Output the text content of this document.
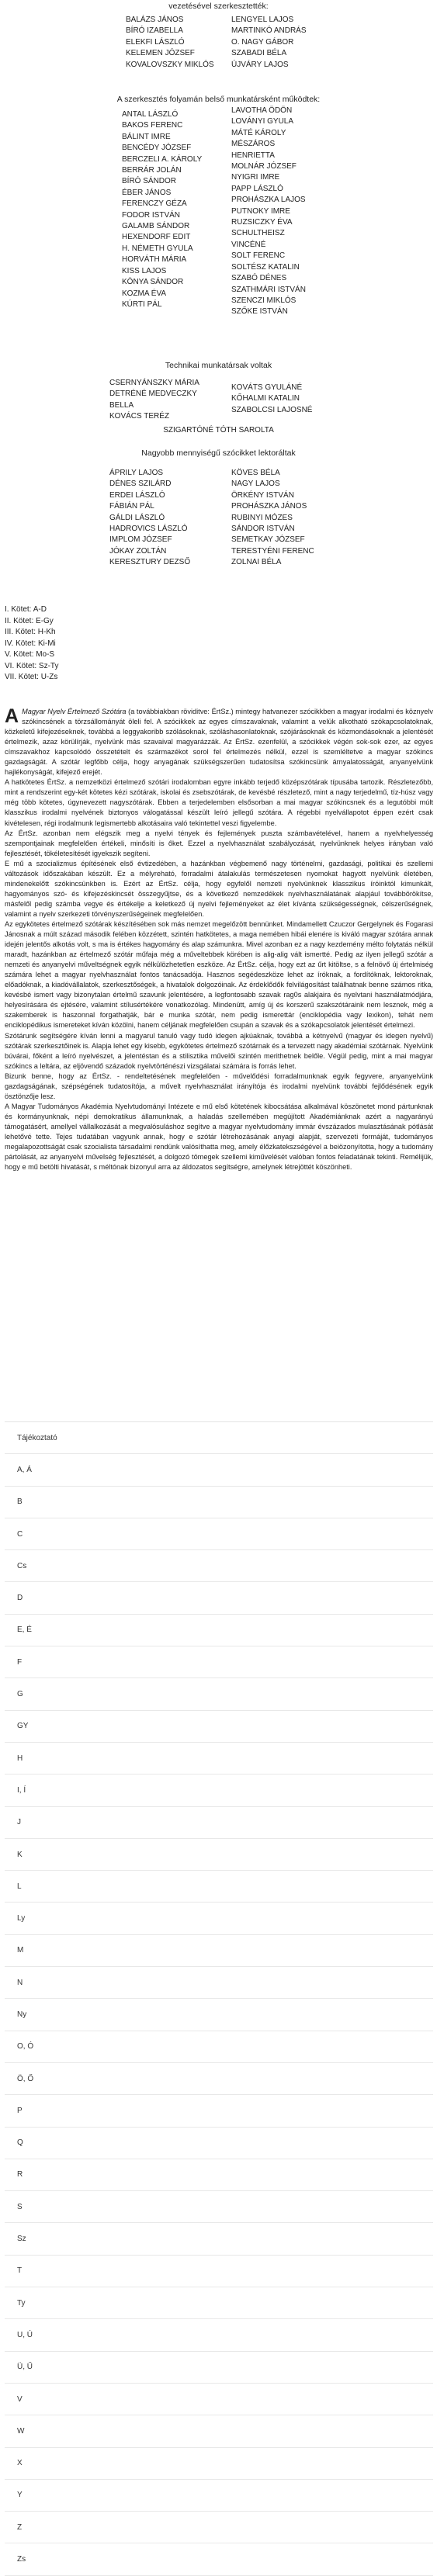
vezetésével szerkesztették:
BALÁZS JÁNOS
BÍRÓ IZABELLA
ELEKFI LÁSZLÓ
KELEMEN JÓZSEF
KOVALOVSZKY MIKLÓS
LENGYEL LAJOS
MARTINKÓ ANDRÁS
O. NAGY GÁBOR
SZABADI BÉLA
ÚJVÁRY LAJOS
A szerkesztés folyamán belső munkatársként működtek:
ANTAL LÁSZLÓ
BAKOS FERENC
BÁLINT IMRE
BENCÉDY JÓZSEF
BERCZELI A. KÁROLY
BERRÁR JOLÁN
BÍRÓ SÁNDOR
ÉBER JÁNOS
FERENCZY GÉZA
FODOR ISTVÁN
GALAMB SÁNDOR
HEXENDORF EDIT
H. NÉMETH GYULA
HORVÁTH MÁRIA
KISS LAJOS
KÖNYA SÁNDOR
KOZMA ÉVA
KÚRTI PÁL
LAVOTHA ÖDÖN
LOVÁNYI GYULA
MÁTÉ KÁROLY
MÉSZÁROS
HENRIETTA
MOLNÁR JÓZSEF
NYIGRI IMRE
PAPP LÁSZLÓ
PROHÁSZKA LAJOS
PUTNOKY IMRE
RUZSICZKY ÉVA
SCHULTHEISZ
VINCÉNÉ
SOLT FERENC
SOLTÉSZ KATALIN
SZABÓ DÉNES
SZATHMÁRI ISTVÁN
SZENCZI MIKLÓS
SZŐKE ISTVÁN
Technikai munkatársak voltak
CSERNYÁNSZKY MÁRIA
DETRÉNÉ MEDVECZKY
BELLA
KOVÁCS TERÉZ
KOVÁTS GYULÁNÉ
KŐHALMI KATALIN
SZABOLCSI LAJOSNÉ
SZIGARTÓNÉ TÓTH SAROLTA
Nagyobb mennyiségű szócikket lektoráltak
ÁPRILY LAJOS
DÉNES SZILÁRD
ERDEI LÁSZLÓ
FÁBIÁN PÁL
GÁLDI LÁSZLÓ
HADROVICS LÁSZLÓ
IMPLOM JÓZSEF
JÓKAY ZOLTÁN
KERESZTURY DEZSŐ
KÖVES BÉLA
NAGY LAJOS
ÖRKÉNY ISTVÁN
PROHÁSZKA JÁNOS
RUBINYI MÓZES
SÁNDOR ISTVÁN
SEMETKAY JÓZSEF
TERESTYÉNI FERENC
ZOLNAI BÉLA
I. Kötet: A-D
II. Kötet: E-Gy
III. Kötet: H-Kh
IV. Kötet: Ki-Mi
V. Kötet: Mo-S
VI. Kötet: Sz-Ty
VII. Kötet: U-Zs

A Magyar Nyelv Értelmező Szótára (a továbbiakban röviditve: ÉrtSz.) mintegy hatvanezer szócikkben a magyar irodalmi és köznyelv szókincsének a törzsállományát öleli fel. A szócikkek az egyes címszavaknak, valamint a velük alkotható szókapcsolatoknak, közkeletű kifejezéseknek, továbbá a leggyakoribb szólásoknak, szóláshasonlatoknak, szójárásoknak és közmondásoknak a jelentését értelmezik, azaz körülírják, nyelvünk más szavaival magyarázzák. Az ÉrtSz. ezenfelül, a szócikkek végén sok-sok ezer, az egyes címszavakhoz kapcsolódó összetételt és származékot sorol fel értelmezés nélkül, ezzel is szemléltetve a magyar szókincs gazdagságát. A szótár legfőbb célja, hogy anyagának szükségszerűen tudatosítsa szókincsünk árnyalatosságát, anyanyelvünk hajlékonyságát, kifejező erejét.

A hatkötetes ÉrtSz. a nemzetközi értelmező szótári irodalomban egyre inkább terjedő középszótárak típusába tartozik. Részletezőbb, mint a rendszerint egy-két kötetes kézi szótárak, iskolai és zsebszótárak, de kevésbé részletező, mint a nagy terjedelmű, tíz-húsz vagy még több kötetes, úgynevezett nagyszótárak. Ebben a terjedelemben elsősorban a mai magyar szókincsnek és a legutóbbi múlt klasszikus irodalmi nyelvének biztonyos válogatással készült leíró jellegű szótára. A régebbi nyelvállapotot éppen ezért csak kivételesen, régi irodalmunk legismertebb alkotásaira való tekintettel veszi figyelembe.

Az ÉrtSz. azonban nem elégszik meg a nyelvi tények és fejlemények puszta számbavételével, hanem a nyelvhelyesség szempontjainak megfelelően értékeli, minősíti is őket. Ezzel a nyelvhasználat szabályozását, nyelvünknek helyes irányban való fejlesztését, tökéletesítését igyekszik segíteni.

E mű a szocializmus építésének első évtizedében, a hazánkban végbemenő nagy történelmi, gazdasági, politikai és szellemi változások időszakában készült. Ez a mélyreható, forradalmi átalakulás természetesen nyomokat hagyott nyelvünk életében, mindenekelőtt szókincsünkben is. Ezért az ÉrtSz. célja, hogy egyfelől nemzeti nyelvünknek klasszikus íróinktól kimunkált, hagyományos szó- és kifejezéskincsét összegyűjtse, és a következő nemzedékek nyelvhasználatának alapjául továbbörökítse, másfelől pedig számba vegye és értékelje a keletkező új nyelvi fejleményeket az élet kívánta szükségességnek, célszerűségnek, valamint a nyelv szerkezeti törvényszerűségeinek megfelelően.

Az egykötetes értelmező szótárak készítésében sok más nemzet megelőzött bennünket. Mindamellett Czuczor Gergelynek és Fogarasi Jánosnak a múlt század második felében közzétett, szintén hatkötetes, a maga nemében hibái elenére is kiváló magyar szótára annak idején jelentős alkotás volt, s ma is értékes hagyomány és alap számunkra. Mivel azonban ez a nagy kezdemény mélto folytatás nélkül maradt, hazánkban az értelmező szótár műfaja még a műveltebbek körében is alig-alig vált ismertté. Pedig az ilyen jellegű szótár a nemzeti és anyanyelvi műveltségnek egyik nélkülözhetetlen eszköze. Az ÉrtSz. célja, hogy ezt az űrt kitöltse, s a felnövő új értelmiség számára lehet a magyar nyelvhasználat fontos tanácsadója. Hasznos segédeszköze lehet az íróknak, a fordítóknak, lektoroknak, előadóknak, a kiadóvállalatok, szerkesztőségek, a hivatalok dolgozóinak. Az érdeklődők felvilágosítást találhatnak benne számos ritka, kevésbé ismert vagy bizonytalan értelmű szavunk jelentésére, a legfontosabb szavak rag0s alakjaira és nyelvtani használatmódjára, helyesírására és ejtésére, valamint stílusértékére vonatkozólag. Mindenütt, amíg új és korszerű szakszótáraink nem lesznek, még a szakemberek is haszonnal forgathatják, bár e munka szótár, nem pedig ismerettár (enciklopédia vagy lexikon), tehát nem enciklopédikus ismereteket kíván közölni, hanem céljának megfelelően csupán a szavak és a szókapcsolatok jelentését értelmezi.

Szótárunk segítségére kíván lenni a magyarul tanuló vagy tudó idegen ajkúaknak, továbbá a kétnyelvű (magyar és idegen nyelvű) szótárak szerkesztőinek is. Alapja lehet egy kisebb, egykötetes értelmező szótárnak és a tervezett nagy akadémiai szótárnak. Nyelvünk búvárai, főként a leíró nyelvészet, a jelentéstan és a stilisztika művelői szintén merithetnek belőle. Végül pedig, mint a mai magyar szókincs a leltára, az eljövendő századok nyelvtörténészi vizsgálatai számára is forrás lehet.

Bizunk benne, hogy az ÉrtSz. - rendeltetésének megfelelően - művelődési forradalmunknak egyik fegyvere, anyanyelvünk gazdagságának, szépségének tudatosítója, a művelt nyelvhasználat irányítója és irodalmi nyelvünk további fejlődésének egyik ösztönzője lesz.

A Magyar Tudományos Akadémia Nyelvtudományi Intézete e mű első kötetének kibocsátása alkalmával köszönetet mond pártunknak és kormányunknak, népi demokratikus államunknak, a haladás szellemében megújított Akadémiánknak azért a nagyarányú támogatásért, amellyel vállalkozását a megvalósuláshoz segítve a magyar nyelvtudomány immár évszázados mulasztásának pótlását lehetővé tette. Tejes tudatában vagyunk annak, hogy e szótár létrehozásának anyagi alapját, szervezeti formáját, tudományos megalapozottságát csak szocialista társadalmi rendünk valósíthatta meg, amely élőzkatekszségével a beiözonyította, hogy a tudomány pártolását, az anyanyelvi művelség fejlesztését, a dolgozó tömegek szellemi kiművelését valóban fontos feladatának tekinti. Remélijük, hogy e mű betölti hivatását, s méltónak bizonyul arra az áldozatos segítségre, amelynek létrejöttét köszönheti.

Tájékoztató
A, Á
B
C
Cs
D
E, É
F
G
GY
H
I, Í
J
K
L
Ly
M
N
Ny
O, Ó
Ö, Ő
P
Q
R
S
Sz
T
Ty
U, Ú
Ü, Ű
V
W
X
Y
Z
Zs
